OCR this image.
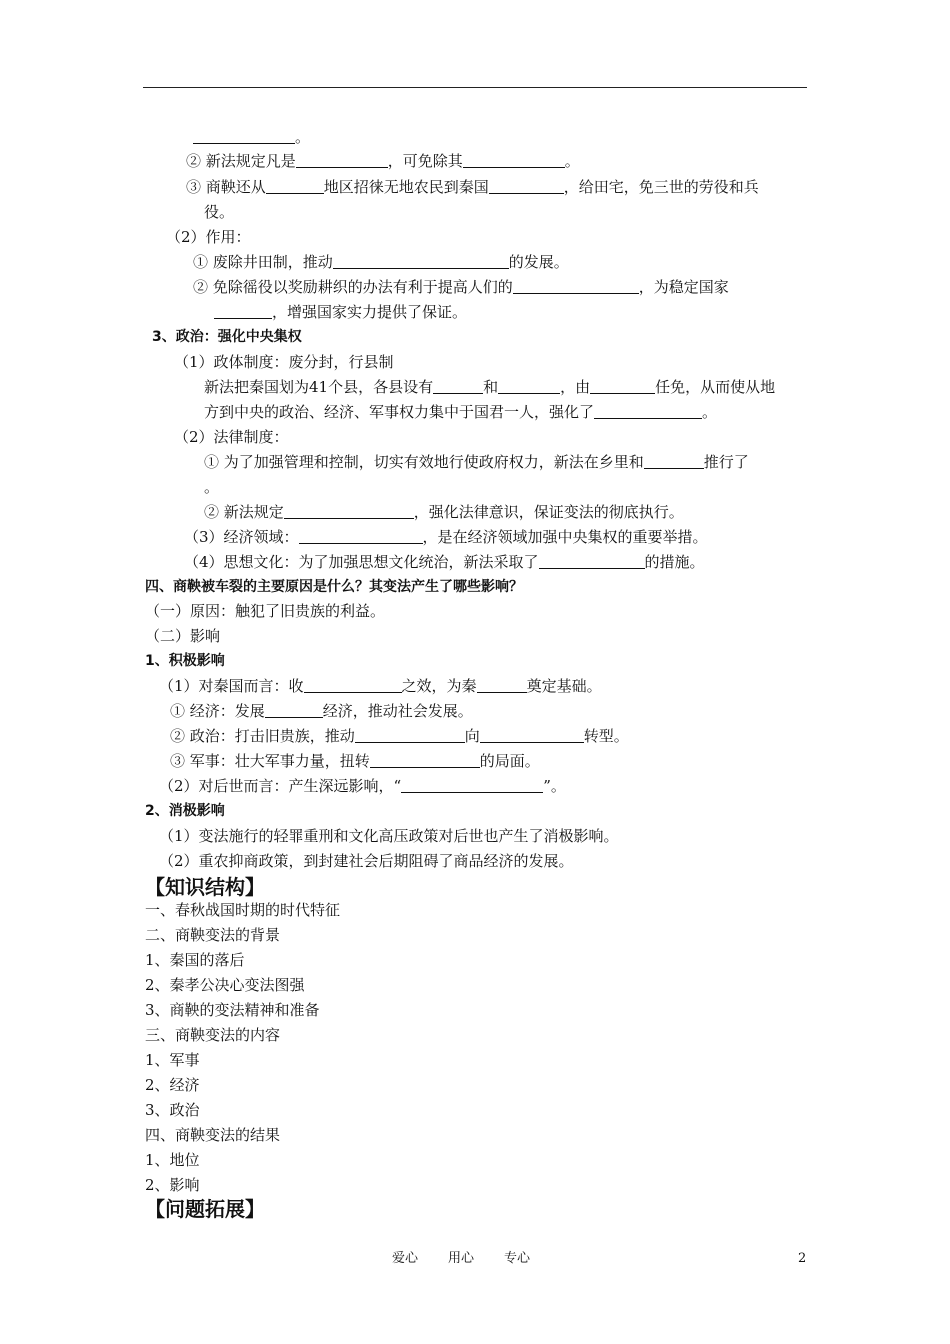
。
② 新法规定凡是	，可免除其	。
③ 商鞅还从	地区招徕无地农民到秦国	，给田宅，免三世的劳役和兵
役。
（2）作用：
① 废除井田制，推动	的发展。
② 免除徭役以奖励耕织的办法有利于提高人们的	，为稳定国家
，增强国家实力提供了保证。
3、政治：强化中央集权
（1）政体制度：废分封，行县制
新法把秦国划为41个县，各县设有	和	，由	任免，从而使从地
方到中央的政治、经济、军事权力集中于国君一人，强化了	。
（2）法律制度：
① 为了加强管理和控制，切实有效地行使政府权力，新法在乡里和	推行了
。
② 新法规定	，强化法律意识，保证变法的彻底执行。
（3）经济领域：	，是在经济领域加强中央集权的重要举措。
（4）思想文化：为了加强思想文化统治，新法采取了	的措施。
四、商鞅被车裂的主要原因是什么？其变法产生了哪些影响？
（一）原因：触犯了旧贵族的利益。
（二）影响
1、积极影响
（1）对秦国而言：收	之效，为秦	奠定基础。
① 经济：发展	经济，推动社会发展。
② 政治：打击旧贵族，推动	向	转型。
③ 军事：壮大军事力量，扭转	的局面。
（2）对后世而言：产生深远影响，“	”。
2、消极影响
（1）变法施行的轻罪重刑和文化高压政策对后世也产生了消极影响。
（2）重农抑商政策，到封建社会后期阻碍了商品经济的发展。
【知识结构】
一、春秋战国时期的时代特征
二、商鞅变法的背景
1、秦国的落后
2、秦孝公决心变法图强
3、商鞅的变法精神和准备
三、商鞅变法的内容
1、军事
2、经济
3、政治
四、商鞅变法的结果
1、地位
2、影响
【问题拓展】
爱心 用心 专心	2
